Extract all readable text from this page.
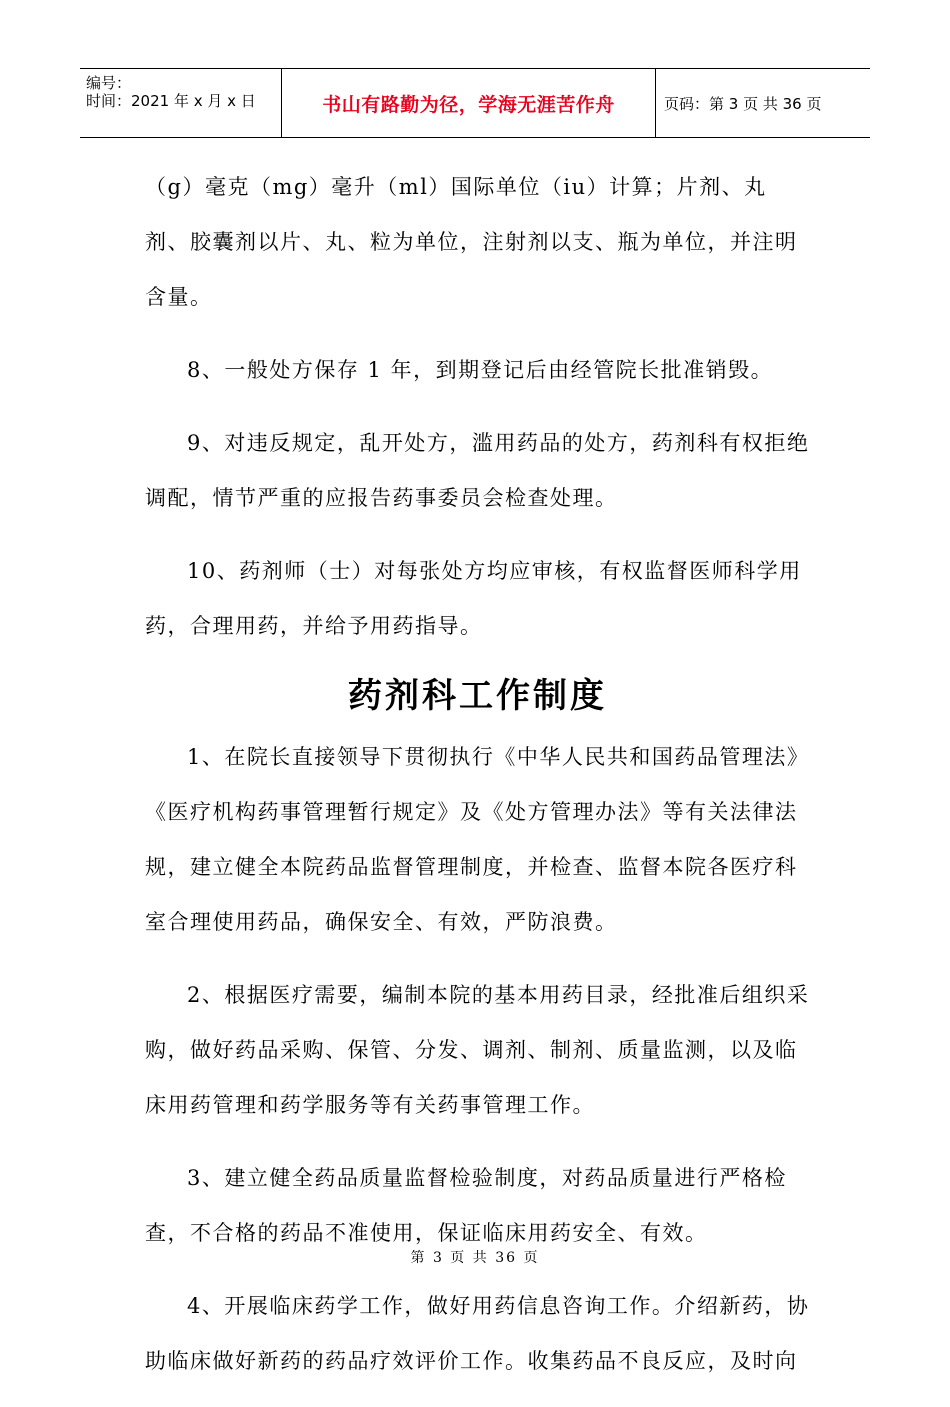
编号：
时间：2021 年 x 月 x 日	书山有路勤为径，学海无涯苦作舟	页码：第 3 页 共 36 页

（g）毫克（mg）毫升（ml）国际单位（iu）计算；片剂、丸剂、胶囊剂以片、丸、粒为单位，注射剂以支、瓶为单位，并注明含量。

8、一般处方保存 1 年，到期登记后由经管院长批准销毁。

9、对违反规定，乱开处方，滥用药品的处方，药剂科有权拒绝调配，情节严重的应报告药事委员会检查处理。

10、药剂师（士）对每张处方均应审核，有权监督医师科学用药，合理用药，并给予用药指导。

药剂科工作制度

1、在院长直接领导下贯彻执行《中华人民共和国药品管理法》《医疗机构药事管理暂行规定》及《处方管理办法》等有关法律法规，建立健全本院药品监督管理制度，并检查、监督本院各医疗科室合理使用药品，确保安全、有效，严防浪费。

2、根据医疗需要，编制本院的基本用药目录，经批准后组织采购，做好药品采购、保管、分发、调剂、制剂、质量监测，以及临床用药管理和药学服务等有关药事管理工作。

3、建立健全药品质量监督检验制度，对药品质量进行严格检查，不合格的药品不准使用，保证临床用药安全、有效。

4、开展临床药学工作，做好用药信息咨询工作。介绍新药，协助临床做好新药的药品疗效评价工作。收集药品不良反应，及时向

第 3 页 共 36 页
